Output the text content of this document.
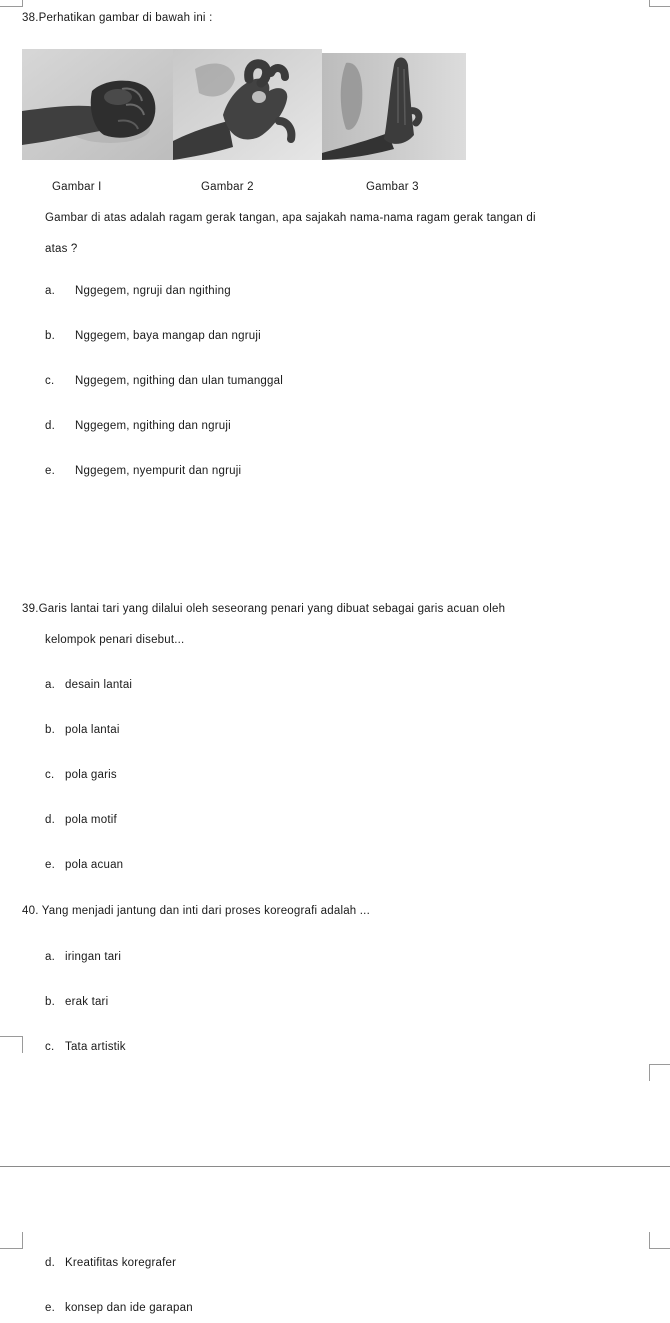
38.Perhatikan gambar di bawah ini :
Gambar I	Gambar 2	Gambar 3
Gambar di atas adalah ragam gerak tangan, apa sajakah nama-nama ragam gerak tangan di
atas ?
a. Nggegem, ngruji dan ngithing
b. Nggegem, baya mangap dan ngruji
c. Nggegem, ngithing dan ulan tumanggal
d. Nggegem, ngithing dan ngruji
e. Nggegem, nyempurit dan ngruji
39.Garis lantai tari yang dilalui oleh seseorang penari yang dibuat sebagai garis acuan oleh
kelompok penari disebut...
a. desain lantai
b. pola lantai
c. pola garis
d. pola motif
e. pola acuan
40. Yang menjadi jantung dan inti dari proses koreografi adalah ...
a. iringan tari
b. erak tari
c. Tata artistik
d. Kreatifitas koregrafer
e. konsep dan ide garapan
